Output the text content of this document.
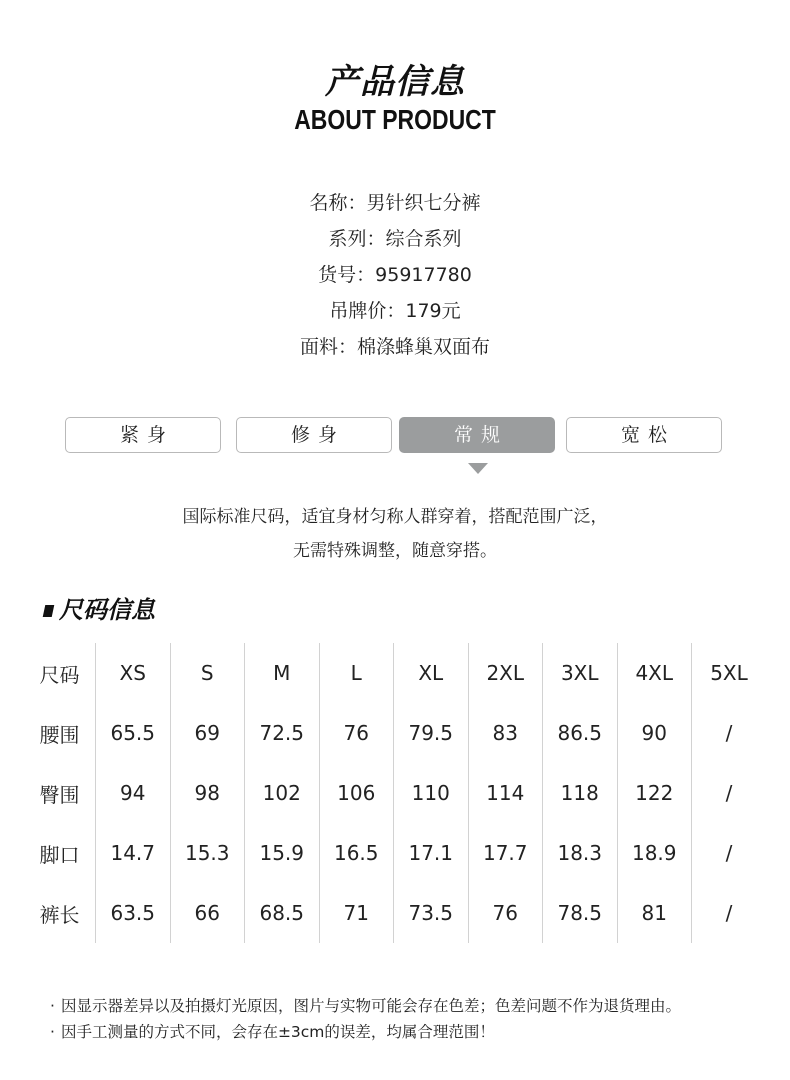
产品信息
ABOUT PRODUCT
名称：男针织七分裤
系列：综合系列
货号：95917780
吊牌价：179元
面料：棉涤蜂巢双面布
紧身	修身	常规	宽松
国际标准尺码，适宜身材匀称人群穿着，搭配范围广泛，
无需特殊调整，随意穿搭。
尺码信息
尺码	XS	S	M	L	XL	2XL	3XL	4XL	5XL
腰围	65.5	69	72.5	76	79.5	83	86.5	90	/
臀围	94	98	102	106	110	114	118	122	/
脚口	14.7	15.3	15.9	16.5	17.1	17.7	18.3	18.9	/
裤长	63.5	66	68.5	71	73.5	76	78.5	81	/
· 因显示器差异以及拍摄灯光原因，图片与实物可能会存在色差；色差问题不作为退货理由。
· 因手工测量的方式不同，会存在±3cm的误差，均属合理范围！
